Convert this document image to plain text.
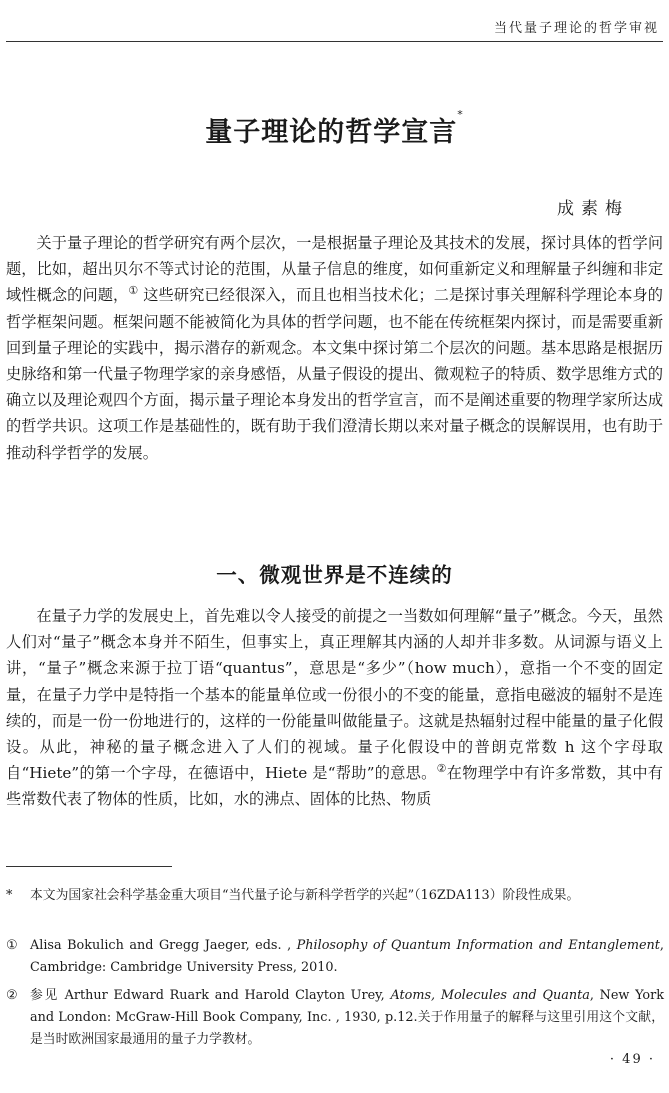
当代量子理论的哲学审视
量子理论的哲学宣言*
成素梅

关于量子理论的哲学研究有两个层次，一是根据量子理论及其技术的发展，探讨具体的哲学问题，比如，超出贝尔不等式讨论的范围，从量子信息的维度，如何重新定义和理解量子纠缠和非定域性概念的问题，① 这些研究已经很深入，而且也相当技术化；二是探讨事关理解科学理论本身的哲学框架问题。框架问题不能被简化为具体的哲学问题，也不能在传统框架内探讨，而是需要重新回到量子理论的实践中，揭示潜存的新观念。本文集中探讨第二个层次的问题。基本思路是根据历史脉络和第一代量子物理学家的亲身感悟，从量子假设的提出、微观粒子的特质、数学思维方式的确立以及理论观四个方面，揭示量子理论本身发出的哲学宣言，而不是阐述重要的物理学家所达成的哲学共识。这项工作是基础性的，既有助于我们澄清长期以来对量子概念的误解误用，也有助于推动科学哲学的发展。

一、微观世界是不连续的

在量子力学的发展史上，首先难以令人接受的前提之一当数如何理解“量子”概念。今天，虽然人们对“量子”概念本身并不陌生，但事实上，真正理解其内涵的人却并非多数。从词源与语义上讲，“量子”概念来源于拉丁语“quantus”，意思是“多少”（how much），意指一个不变的固定量，在量子力学中是特指一个基本的能量单位或一份很小的不变的能量，意指电磁波的辐射不是连续的，而是一份一份地进行的，这样的一份能量叫做能量子。这就是热辐射过程中能量的量子化假设。从此，神秘的量子概念进入了人们的视域。量子化假设中的普朗克常数 h 这个字母取自“Hiete”的第一个字母，在德语中，Hiete 是“帮助”的意思。②在物理学中有许多常数，其中有些常数代表了物体的性质，比如，水的沸点、固体的比热、物质

* 本文为国家社会科学基金重大项目“当代量子论与新科学哲学的兴起”（16ZDA113）阶段性成果。
① Alisa Bokulich and Gregg Jaeger, eds. , Philosophy of Quantum Information and Entanglement, Cambridge: Cambridge University Press, 2010.
② 参见 Arthur Edward Ruark and Harold Clayton Urey, Atoms, Molecules and Quanta, New York and London: McGraw-Hill Book Company, Inc. , 1930, p.12.关于作用量子的解释与这里引用这个文献，是当时欧洲国家最通用的量子力学教材。
· 49 ·
